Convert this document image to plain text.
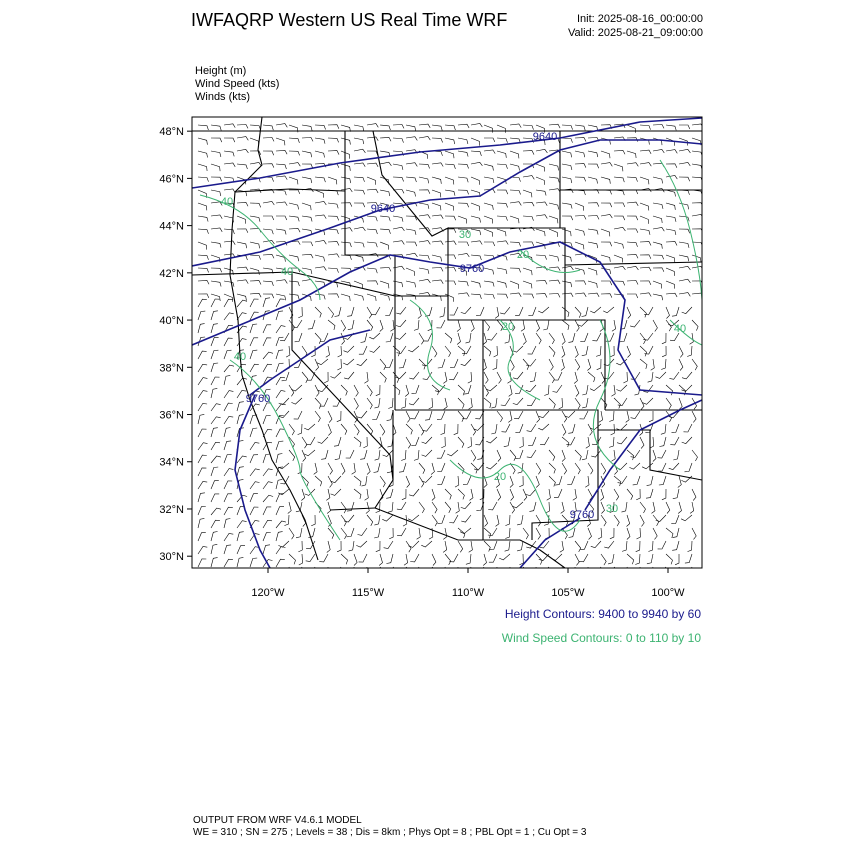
IWFAQRP Western US Real Time WRF	Init: 2025-08-16_00:00:00
Valid: 2025-08-21_09:00:00
Height (m)
Wind Speed (kts)
Winds (kts)
9640
9640
9760
9760
9760
40
40
30
20
40
20
30
20
40
48°N
46°N
44°N
42°N
40°N
38°N
36°N
34°N
32°N
30°N
120°W	115°W	110°W	105°W	100°W
Height Contours: 9400 to 9940 by 60
Wind Speed Contours: 0 to 110 by 10
OUTPUT FROM WRF V4.6.1 MODEL
WE = 310 ; SN = 275 ; Levels = 38 ; Dis = 8km ; Phys Opt = 8 ; PBL Opt = 1 ; Cu Opt = 3
